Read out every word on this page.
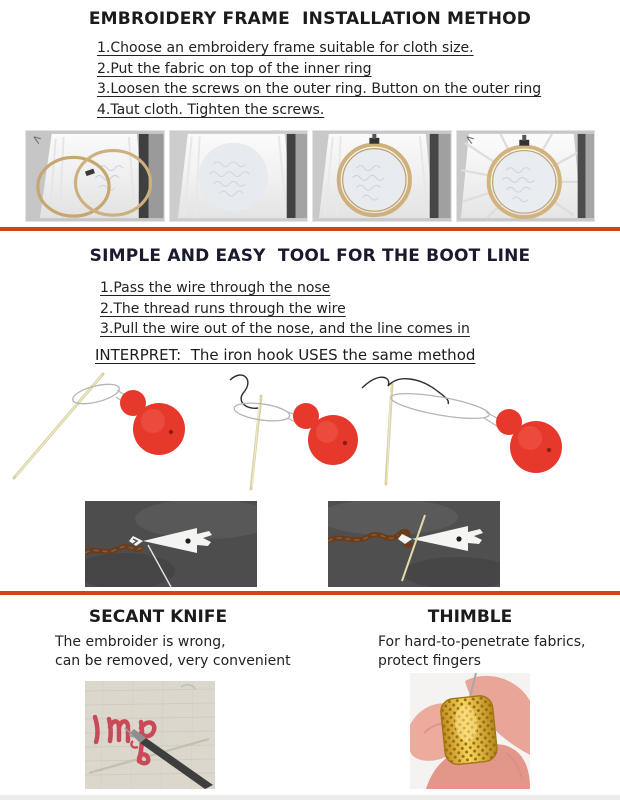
EMBROIDERY FRAME  INSTALLATION METHOD
1.Choose an embroidery frame suitable for cloth size.
2.Put the fabric on top of the inner ring
3.Loosen the screws on the outer ring. Button on the outer ring
4.Taut cloth. Tighten the screws.
SIMPLE AND EASY  TOOL FOR THE BOOT LINE
1.Pass the wire through the nose
2.The thread runs through the wire
3.Pull the wire out of the nose, and the line comes in
INTERPRET:  The iron hook USES the same method
SECANT KNIFE
The embroider is wrong,
can be removed, very convenient
THIMBLE
For hard-to-penetrate fabrics,
protect fingers
